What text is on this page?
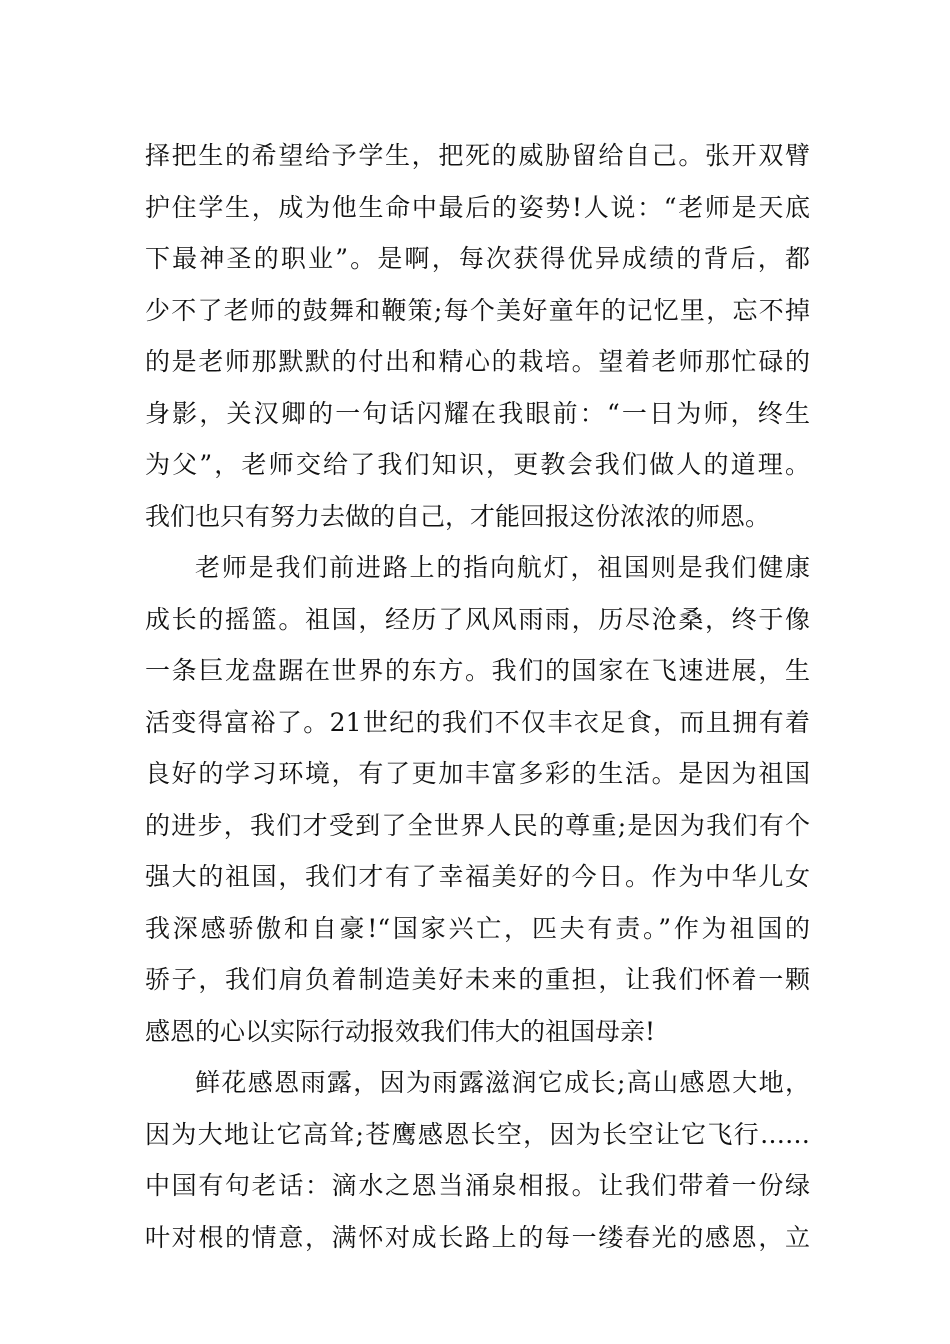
择把生的希望给予学生，把死的威胁留给自己。张开双臂
护住学生，成为他生命中最后的姿势!人说：“老师是天底
下最神圣的职业”。是啊，每次获得优异成绩的背后，都
少不了老师的鼓舞和鞭策;每个美好童年的记忆里，忘不掉
的是老师那默默的付出和精心的栽培。望着老师那忙碌的
身影，关汉卿的一句话闪耀在我眼前：“一日为师，终生
为父”，老师交给了我们知识，更教会我们做人的道理。
我们也只有努力去做的自己，才能回报这份浓浓的师恩。
老师是我们前进路上的指向航灯，祖国则是我们健康
成长的摇篮。祖国，经历了风风雨雨，历尽沧桑，终于像
一条巨龙盘踞在世界的东方。我们的国家在飞速进展，生
活变得富裕了。21世纪的我们不仅丰衣足食，而且拥有着
良好的学习环境，有了更加丰富多彩的生活。是因为祖国
的进步，我们才受到了全世界人民的尊重;是因为我们有个
强大的祖国，我们才有了幸福美好的今日。作为中华儿女
我深感骄傲和自豪!“国家兴亡，匹夫有责。”作为祖国的
骄子，我们肩负着制造美好未来的重担，让我们怀着一颗
感恩的心以实际行动报效我们伟大的祖国母亲!
鲜花感恩雨露，因为雨露滋润它成长;高山感恩大地，
因为大地让它高耸;苍鹰感恩长空，因为长空让它飞行……
中国有句老话：滴水之恩当涌泉相报。让我们带着一份绿
叶对根的情意，满怀对成长路上的每一缕春光的感恩，立
